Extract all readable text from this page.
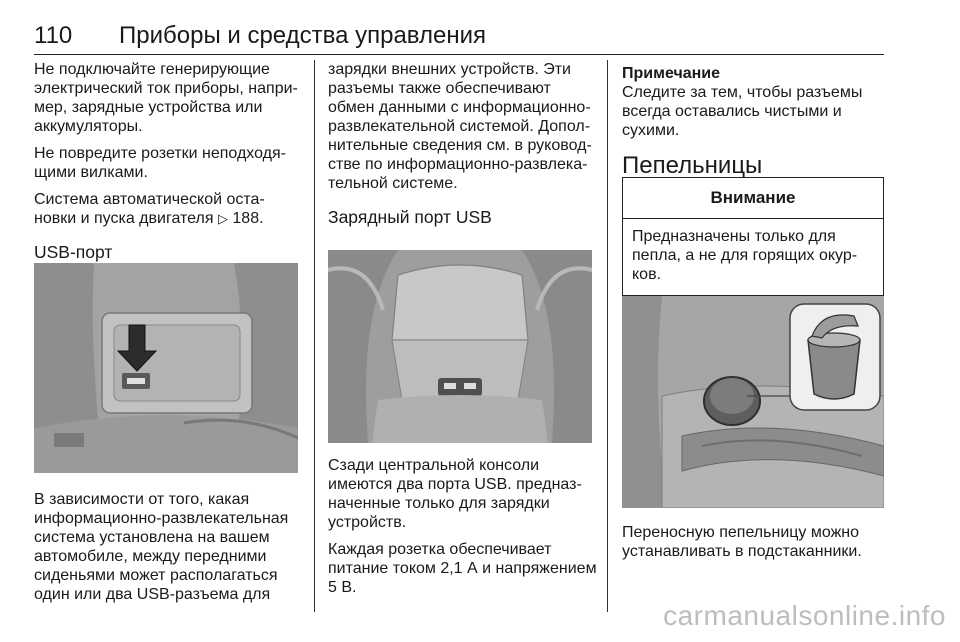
110 Приборы и средства управления

Не подключайте генерирующие
электрический ток приборы, напри-
мер, зарядные устройства или
аккумуляторы.

Не повредите розетки неподходя-
щими вилками.

Система автоматической оста-
новки и пуска двигателя ▷ 188.

USB-порт

В зависимости от того, какая
информационно-развлекательная
система установлена на вашем
автомобиле, между передними
сиденьями может располагаться
один или два USB-разъема для

зарядки внешних устройств. Эти
разъемы также обеспечивают
обмен данными с информационно-
развлекательной системой. Допол-
нительные сведения см. в руковод-
стве по информационно-развлека-
тельной системе.

Зарядный порт USB

Сзади центральной консоли
имеются два порта USB. предназ-
наченные только для зарядки
устройств.

Каждая розетка обеспечивает
питание током 2,1 А и напряжением
5 В.

Примечание

Следите за тем, чтобы разъемы
всегда оставались чистыми и
сухими.

Пепельницы
Внимание
Предназначены только для
пепла, а не для горящих окур-
ков.

Переносную пепельницу можно
устанавливать в подстаканники.

carmanualsonline.info
